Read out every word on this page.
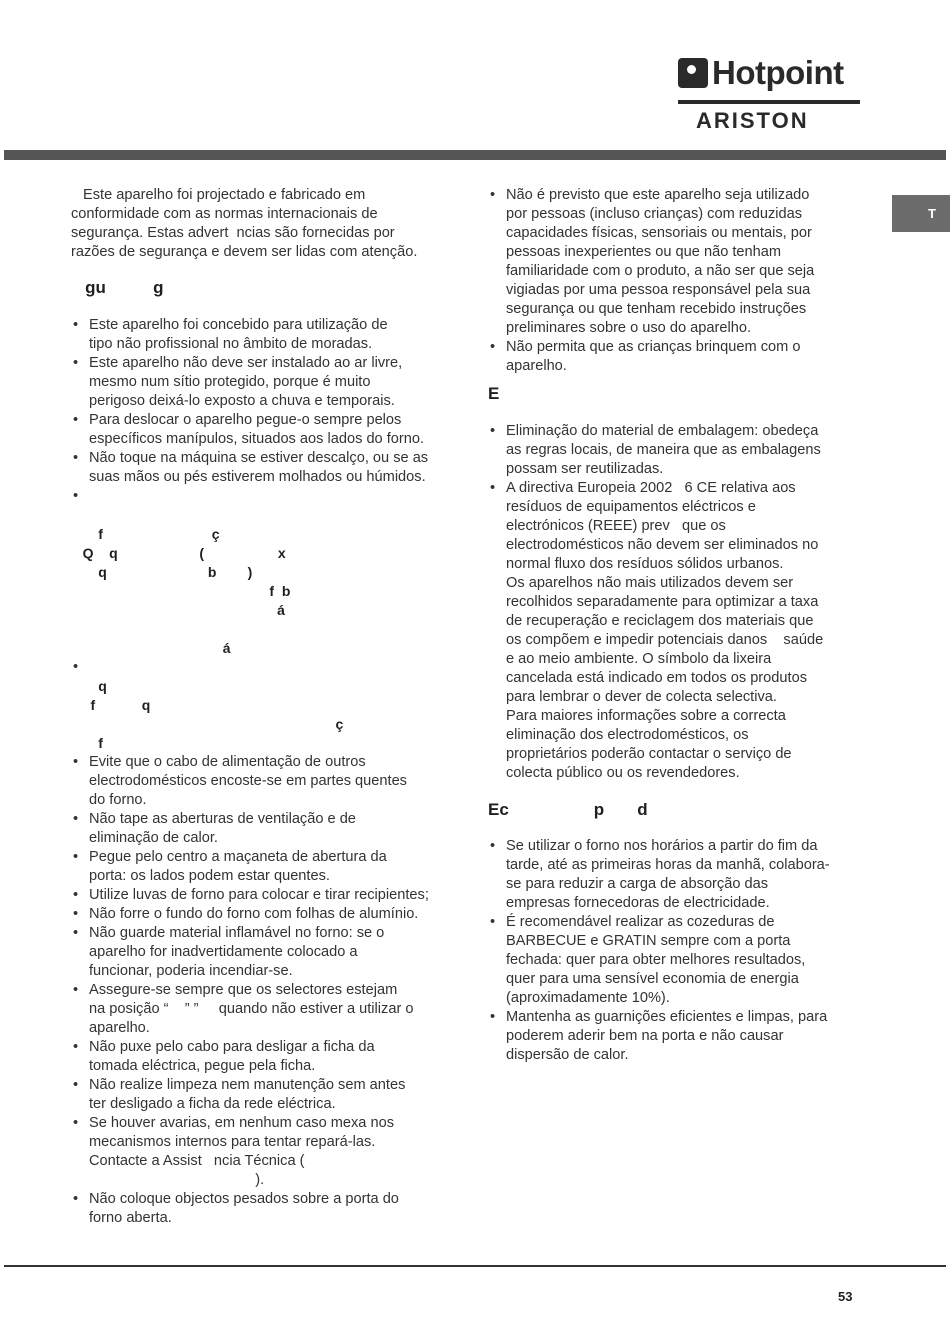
Hotpoint
ARISTON
T
Este aparelho foi projectado e fabricado em
conformidade com as normas internacionais de
segurança. Estas advert  ncias são fornecidas por
razões de segurança e devem ser lidas com atenção.
gu          g
• Este aparelho foi concebido para utilização de
tipo não profissional no âmbito de moradas.
• Este aparelho não deve ser instalado ao ar livre,
mesmo num sítio protegido, porque é muito
perigoso deixá-lo exposto a chuva e temporais.
• Para deslocar o aparelho pegue-o sempre pelos
específicos manípulos, situados aos lados do forno.
• Não toque na máquina se estiver descalço, ou se as
suas mãos ou pés estiverem molhados ou húmidos.
•

f                            ç
Q    q                     (                   x
q                          b        )
f  b
á

á
•

q
f            q
ç
f
• Evite que o cabo de alimentação de outros
electrodomésticos encoste-se em partes quentes
do forno.
• Não tape as aberturas de ventilação e de
eliminação de calor.
• Pegue pelo centro a maçaneta de abertura da
porta: os lados podem estar quentes.
• Utilize luvas de forno para colocar e tirar recipientes;
• Não forre o fundo do forno com folhas de alumínio.
• Não guarde material inflamável no forno: se o
aparelho for inadvertidamente colocado a
funcionar, poderia incendiar-se.
• Assegure-se sempre que os selectores estejam
na posição “    ” ”     quando não estiver a utilizar o
aparelho.
• Não puxe pelo cabo para desligar a ficha da
tomada eléctrica, pegue pela ficha.
• Não realize limpeza nem manutenção sem antes
ter desligado a ficha da rede eléctrica.
• Se houver avarias, em nenhum caso mexa nos
mecanismos internos para tentar repará-las.
Contacte a Assist   ncia Técnica (
).
• Não coloque objectos pesados sobre a porta do
forno aberta.
• Não é previsto que este aparelho seja utilizado
por pessoas (incluso crianças) com reduzidas
capacidades físicas, sensoriais ou mentais, por
pessoas inexperientes ou que não tenham
familiaridade com o produto, a não ser que seja
vigiadas por uma pessoa responsável pela sua
segurança ou que tenham recebido instruções
preliminares sobre o uso do aparelho.
• Não permita que as crianças brinquem com o
aparelho.
E
• Eliminação do material de embalagem: obedeça
as regras locais, de maneira que as embalagens
possam ser reutilizadas.
• A directiva Europeia 2002   6 CE relativa aos
resíduos de equipamentos eléctricos e
electrónicos (REEE) prev   que os
electrodomésticos não devem ser eliminados no
normal fluxo dos resíduos sólidos urbanos.
Os aparelhos não mais utilizados devem ser
recolhidos separadamente para optimizar a taxa
de recuperação e reciclagem dos materiais que
os compõem e impedir potenciais danos    saúde
e ao meio ambiente. O símbolo da lixeira
cancelada está indicado em todos os produtos
para lembrar o dever de colecta selectiva.
Para maiores informações sobre a correcta
eliminação dos electrodomésticos, os
proprietários poderão contactar o serviço de
colecta público ou os revendedores.
Ec                  p       d
• Se utilizar o forno nos horários a partir do fim da
tarde, até as primeiras horas da manhã, colabora-
se para reduzir a carga de absorção das
empresas fornecedoras de electricidade.
• É recomendável realizar as cozeduras de
BARBECUE e GRATIN sempre com a porta
fechada: quer para obter melhores resultados,
quer para uma sensível economia de energia
(aproximadamente 10%).
• Mantenha as guarnições eficientes e limpas, para
poderem aderir bem na porta e não causar
dispersão de calor.
53
